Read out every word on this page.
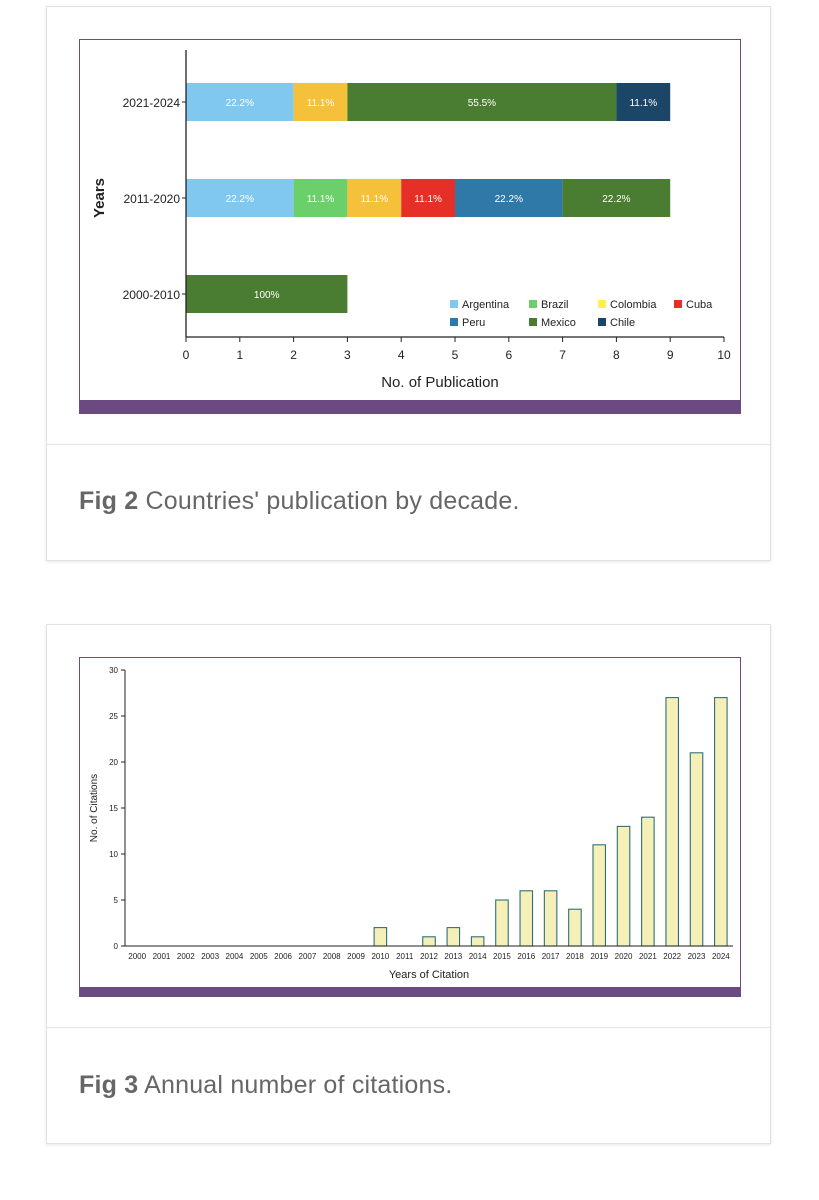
22.2%	11.1%	55.5%	11.1%
2021-2024
22.2%	11.1%	11.1%	11.1%	22.2%	22.2%
2011-2020
100%
2000-2010
0	1	2	3	4	5	6	7	8	9	10
No. of Publication
Years
Argentina	Brazil	Colombia	Cuba
Peru	Mexico	Chile
Fig 2 Countries' publication by decade.
2000 2001 2002 2003 2004 2005 2006 2007 2008 2009 2010 2011 2012 2013 2014 2015 2016 2017 2018 2019 2020 2021 2022 2023 2024
0
5
10
15
20
25
30
Years of Citation
No. of Citations
Fig 3 Annual number of citations.
